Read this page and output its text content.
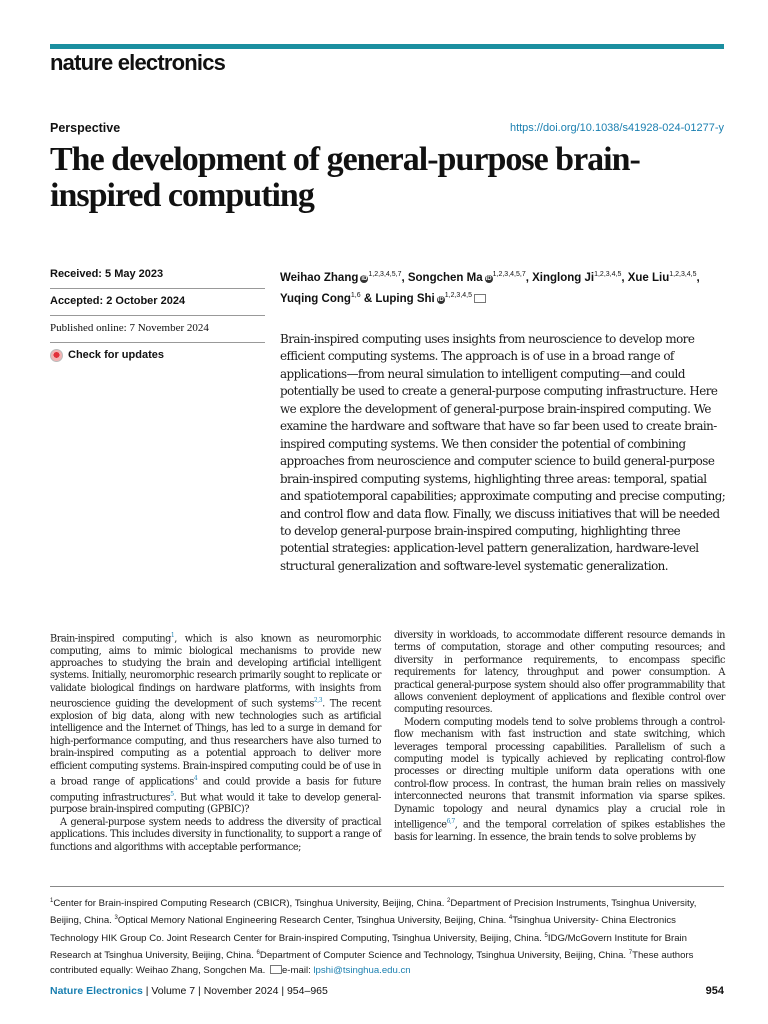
nature electronics
Perspective	https://doi.org/10.1038/s41928-024-01277-y
The development of general-purpose brain-inspired computing
Received: 5 May 2023
Accepted: 2 October 2024
Published online: 7 November 2024
Check for updates

Weihao Zhang iD$^{1,2,3,4,5,7}$, Songchen Ma iD$^{1,2,3,4,5,7}$, Xinglong Ji$^{1,2,3,4,5}$, Xue Liu$^{1,2,3,4,5}$, Yuqing Cong$^{1,6}$ & Luping Shi iD$^{1,2,3,4,5}$

Brain-inspired computing uses insights from neuroscience to develop more efficient computing systems. The approach is of use in a broad range of applications—from neural simulation to intelligent computing—and could potentially be used to create a general-purpose computing infrastructure. Here we explore the development of general-purpose brain-inspired computing. We examine the hardware and software that have so far been used to create brain-inspired computing systems. We then consider the potential of combining approaches from neuroscience and computer science to build general-purpose brain-inspired computing systems, highlighting three areas: temporal, spatial and spatiotemporal capabilities; approximate computing and precise computing; and control flow and data flow. Finally, we discuss initiatives that will be needed to develop general-purpose brain-inspired computing, highlighting three potential strategies: application-level pattern generalization, hardware-level structural generalization and software-level systematic generalization.

Brain-inspired computing$^1$, which is also known as neuromorphic computing, aims to mimic biological mechanisms to provide new approaches to studying the brain and developing artificial intelligent systems. Initially, neuromorphic research primarily sought to replicate or validate biological findings on hardware platforms, with insights from neuroscience guiding the development of such systems$^{2,3}$. The recent explosion of big data, along with new technologies such as artificial intelligence and the Internet of Things, has led to a surge in demand for high-performance computing, and thus researchers have also turned to brain-inspired computing as a potential approach to deliver more efficient computing systems. Brain-inspired computing could be of use in a broad range of applications$^4$ and could provide a basis for future computing infrastructures$^5$. But what would it take to develop general-purpose brain-inspired computing (GPBIC)?

A general-purpose system needs to address the diversity of practical applications. This includes diversity in functionality, to support a range of functions and algorithms with acceptable performance;

diversity in workloads, to accommodate different resource demands in terms of computation, storage and other computing resources; and diversity in performance requirements, to encompass specific requirements for latency, throughput and power consumption. A practical general-purpose system should also offer programmability that allows convenient deployment of applications and flexible control over computing resources.

Modern computing models tend to solve problems through a control-flow mechanism with fast instruction and state switching, which leverages temporal processing capabilities. Parallelism of such a computing model is typically achieved by replicating control-flow processes or directing multiple uniform data operations with one control-flow process. In contrast, the human brain relies on massively interconnected neurons that transmit information via sparse spikes. Dynamic topology and neural dynamics play a crucial role in intelligence$^{6,7}$, and the temporal correlation of spikes establishes the basis for learning. In essence, the brain tends to solve problems by

$^1$Center for Brain-inspired Computing Research (CBICR), Tsinghua University, Beijing, China. $^2$Department of Precision Instruments, Tsinghua University, Beijing, China. $^3$Optical Memory National Engineering Research Center, Tsinghua University, Beijing, China. $^4$Tsinghua University- China Electronics Technology HIK Group Co. Joint Research Center for Brain-inspired Computing, Tsinghua University, Beijing, China. $^5$IDG/McGovern Institute for Brain Research at Tsinghua University, Beijing, China. $^6$Department of Computer Science and Technology, Tsinghua University, Beijing, China. $^7$These authors contributed equally: Weihao Zhang, Songchen Ma. e-mail: lpshi@tsinghua.edu.cn

Nature Electronics | Volume 7 | November 2024 | 954–965	954
